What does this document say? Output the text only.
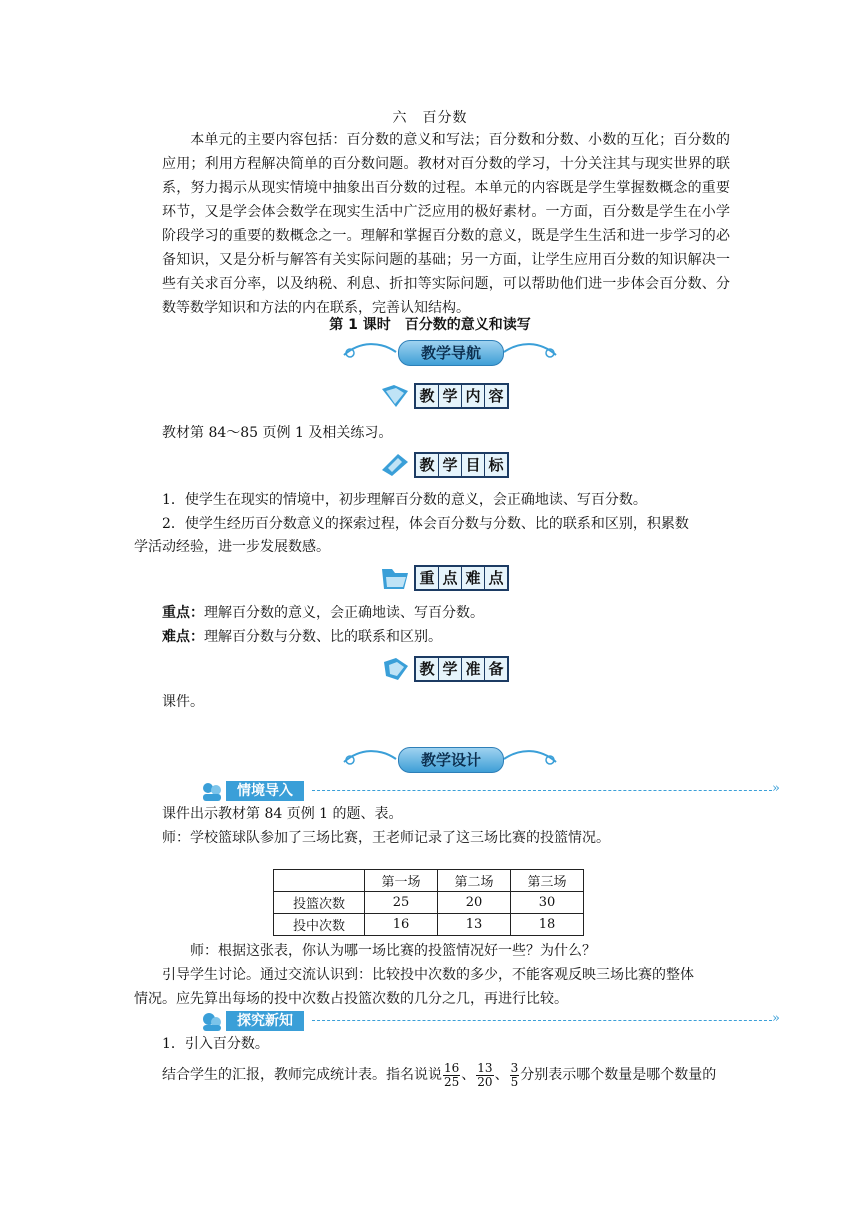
六　百分数
本单元的主要内容包括：百分数的意义和写法；百分数和分数、小数的互化；百分数的应用；利用方程解决简单的百分数问题。教材对百分数的学习，十分关注其与现实世界的联系，努力揭示从现实情境中抽象出百分数的过程。本单元的内容既是学生掌握数概念的重要环节，又是学会体会数学在现实生活中广泛应用的极好素材。一方面，百分数是学生在小学阶段学习的重要的数概念之一。理解和掌握百分数的意义，既是学生生活和进一步学习的必备知识，又是分析与解答有关实际问题的基础；另一方面，让学生应用百分数的知识解决一些有关求百分率，以及纳税、利息、折扣等实际问题，可以帮助他们进一步体会百分数、分数等数学知识和方法的内在联系，完善认知结构。
第 1 课时　百分数的意义和读写
教学导航
教 学 内 容
教材第 84～85 页例 1 及相关练习。
教 学 目 标
1．使学生在现实的情境中，初步理解百分数的意义，会正确地读、写百分数。
2．使学生经历百分数意义的探索过程，体会百分数与分数、比的联系和区别，积累数
学活动经验，进一步发展数感。
重 点 难 点
重点：理解百分数的意义，会正确地读、写百分数。
难点：理解百分数与分数、比的联系和区别。
教 学 准 备
课件。
教学设计
情境导入	»
课件出示教材第 84 页例 1 的题、表。
师：学校篮球队参加了三场比赛，王老师记录了这三场比赛的投篮情况。
	第一场	第二场	第三场
投篮次数	25	20	30
投中次数	16	13	18
师：根据这张表，你认为哪一场比赛的投篮情况好一些？为什么？
引导学生讨论。通过交流认识到：比较投中次数的多少，不能客观反映三场比赛的整体
情况。应先算出每场的投中次数占投篮次数的几分之几，再进行比较。
探究新知	»
1．引入百分数。
结合学生的汇报，教师完成统计表。指名说说 $\frac{16}{25}$ 、 $\frac{13}{20}$ 、 $\frac{3}{5}$ 分别表示哪个数量是哪个数量的
